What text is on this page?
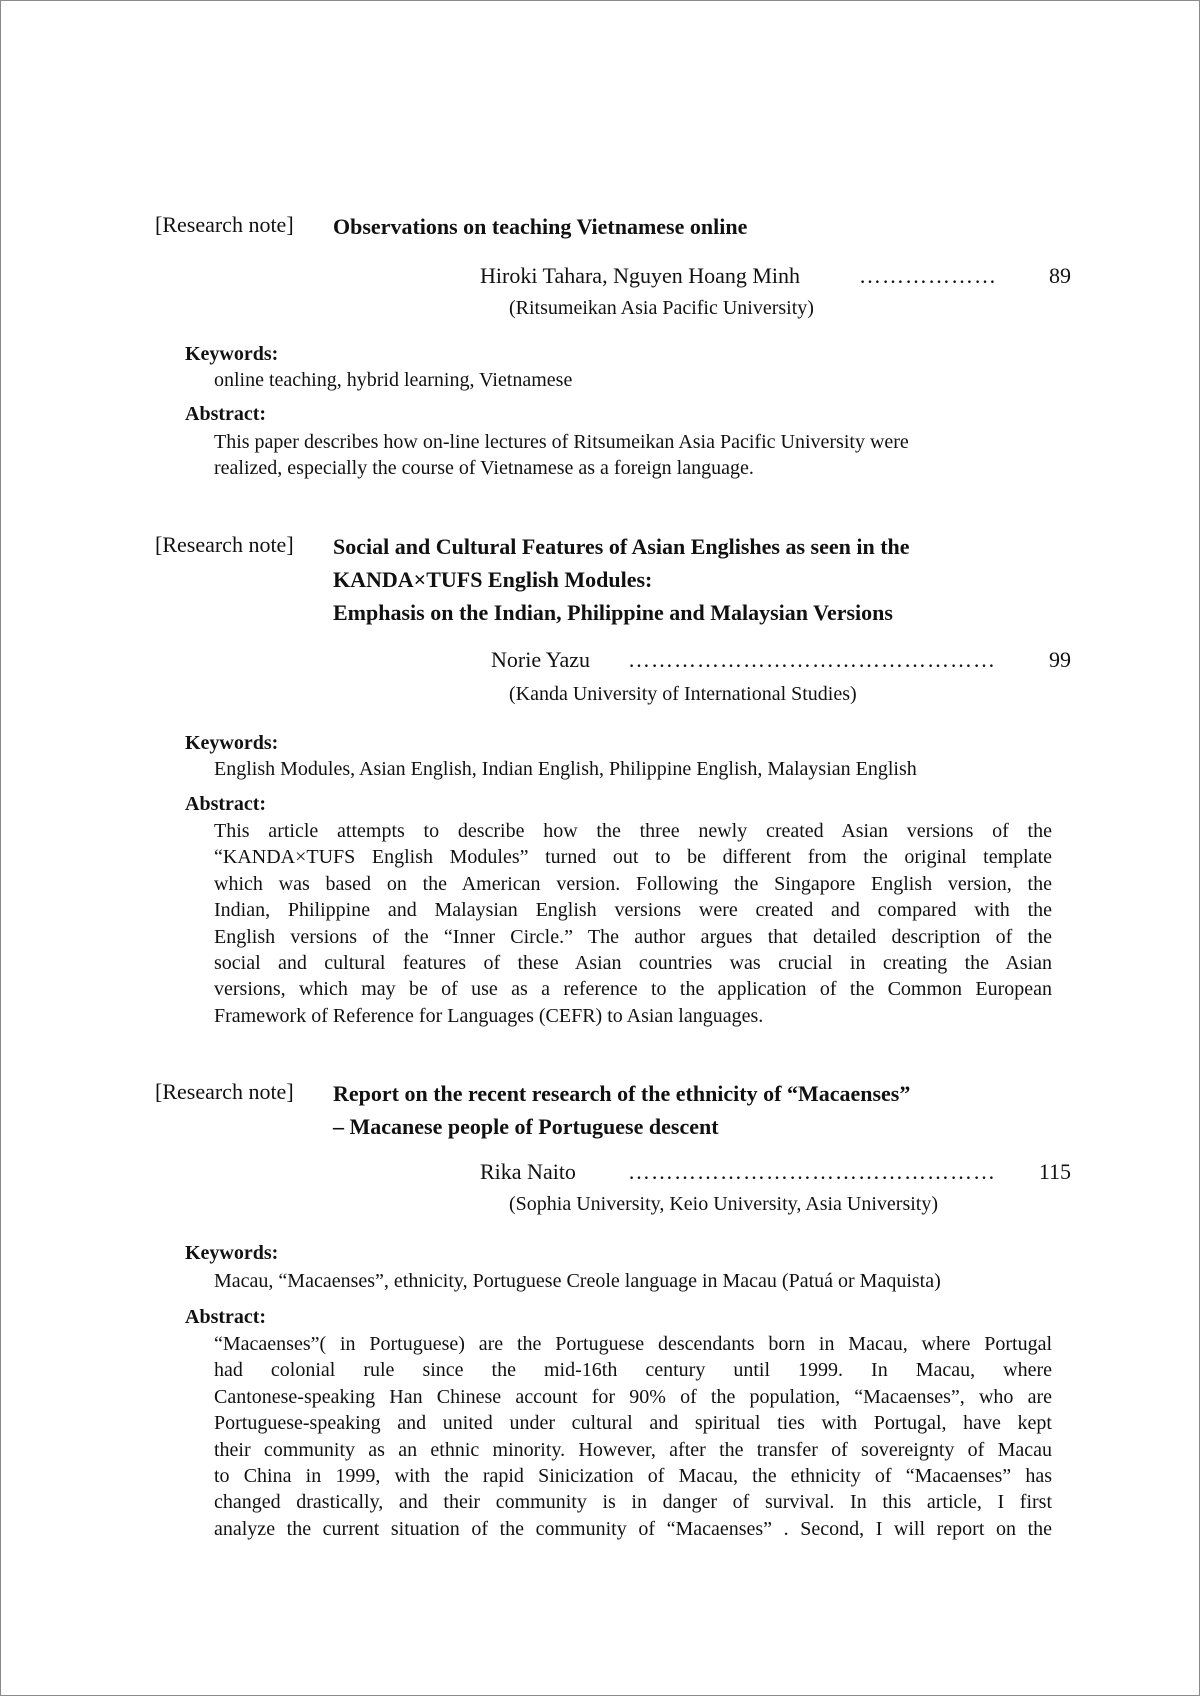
[Research note] Observations on teaching Vietnamese online
Hiroki Tahara, Nguyen Hoang Minh	……………… 89
(Ritsumeikan Asia Pacific University)
Keywords:
online teaching, hybrid learning, Vietnamese
Abstract:
This paper describes how on-line lectures of Ritsumeikan Asia Pacific University were
realized, especially the course of Vietnamese as a foreign language.
[Research note] Social and Cultural Features of Asian Englishes as seen in the
KANDA×TUFS English Modules:
Emphasis on the Indian, Philippine and Malaysian Versions
Norie Yazu ………………………………………… 99
(Kanda University of International Studies)
Keywords:
English Modules, Asian English, Indian English, Philippine English, Malaysian English
Abstract:
This article attempts to describe how the three newly created Asian versions of the
“KANDA×TUFS English Modules” turned out to be different from the original template
which was based on the American version. Following the Singapore English version, the
Indian, Philippine and Malaysian English versions were created and compared with the
English versions of the “Inner Circle.” The author argues that detailed description of the
social and cultural features of these Asian countries was crucial in creating the Asian
versions, which may be of use as a reference to the application of the Common European
Framework of Reference for Languages (CEFR) to Asian languages.
[Research note] Report on the recent research of the ethnicity of “Macaenses”
– Macanese people of Portuguese descent
Rika Naito ………………………………………… 115
(Sophia University, Keio University, Asia University)
Keywords:
Macau, “Macaenses”, ethnicity, Portuguese Creole language in Macau (Patuá or Maquista)
Abstract:
“Macaenses”( in Portuguese) are the Portuguese descendants born in Macau, where Portugal
had colonial rule since the mid-16th century until 1999. In Macau, where
Cantonese-speaking Han Chinese account for 90% of the population, “Macaenses”, who are
Portuguese-speaking and united under cultural and spiritual ties with Portugal, have kept
their community as an ethnic minority. However, after the transfer of sovereignty of Macau
to China in 1999, with the rapid Sinicization of Macau, the ethnicity of “Macaenses” has
changed drastically, and their community is in danger of survival. In this article, I first
analyze the current situation of the community of “Macaenses” . Second, I will report on the
